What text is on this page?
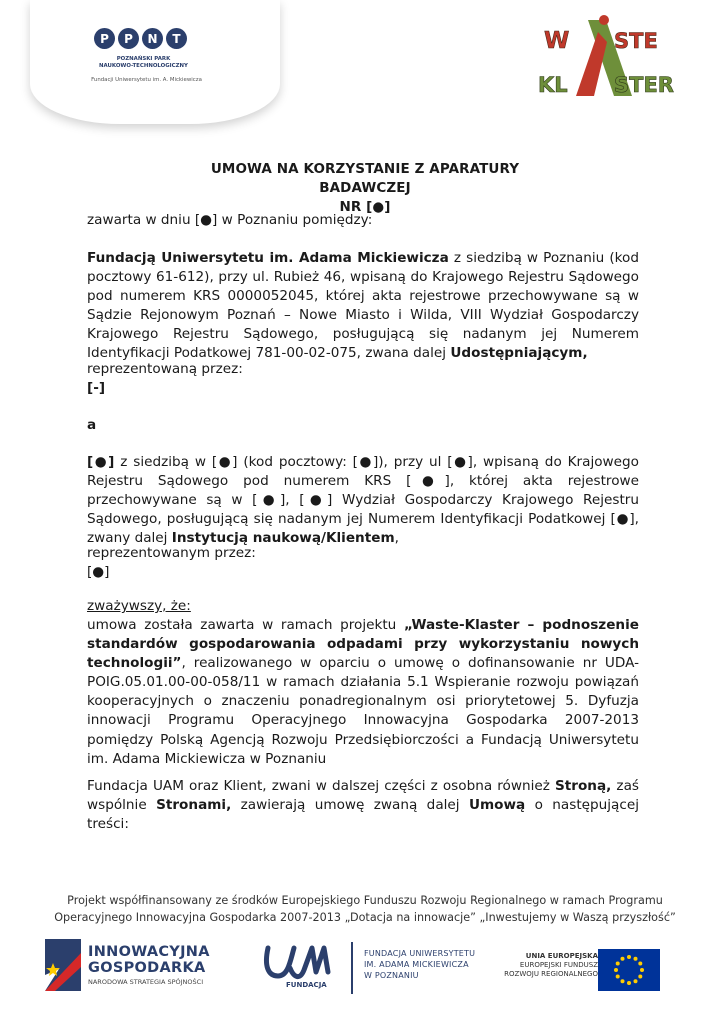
P	P	N	T
POZNAŃSKI PARK
NAUKOWO-TECHNOLOGICZNY
Fundacji Uniwersytetu im. A. Mickiewicza
W STE
KL STER
UMOWA NA KORZYSTANIE Z APARATURY BADAWCZEJ
NR [●]
zawarta w dniu [●] w Poznaniu pomiędzy:
Fundacją Uniwersytetu im. Adama Mickiewicza z siedzibą w Poznaniu (kod pocztowy 61-612), przy ul. Rubież 46, wpisaną do Krajowego Rejestru Sądowego pod numerem KRS 0000052045, której akta rejestrowe przechowywane są w Sądzie Rejonowym Poznań – Nowe Miasto i Wilda, VIII Wydział Gospodarczy Krajowego Rejestru Sądowego, posługującą się nadanym jej Numerem Identyfikacji Podatkowej 781-00-02-075, zwana dalej Udostępniającym,
reprezentowaną przez:
[-]
a
[●] z siedzibą w [●] (kod pocztowy: [●]), przy ul [●], wpisaną do Krajowego Rejestru Sądowego pod numerem KRS [●], której akta rejestrowe przechowywane są w [●], [●] Wydział Gospodarczy Krajowego Rejestru Sądowego, posługującą się nadanym jej Numerem Identyfikacji Podatkowej [●], zwany dalej Instytucją naukową/Klientem,
reprezentowanym przez:
[●]
zważywszy, że:
umowa została zawarta w ramach projektu „Waste-Klaster – podnoszenie standardów gospodarowania odpadami przy wykorzystaniu nowych technologii”, realizowanego w oparciu o umowę o dofinansowanie nr UDA-POIG.05.01.00-00-058/11 w ramach działania 5.1 Wspieranie rozwoju powiązań kooperacyjnych o znaczeniu ponadregionalnym osi priorytetowej 5. Dyfuzja innowacji Programu Operacyjnego Innowacyjna Gospodarka 2007-2013 pomiędzy Polską Agencją Rozwoju Przedsiębiorczości a Fundacją Uniwersytetu im. Adama Mickiewicza w Poznaniu
Fundacja UAM oraz Klient, zwani w dalszej części z osobna również Stroną, zaś wspólnie Stronami, zawierają umowę zwaną dalej Umową o następującej treści:
Projekt współfinansowany ze środków Europejskiego Funduszu Rozwoju Regionalnego w ramach Programu
Operacyjnego Innowacyjna Gospodarka 2007-2013 „Dotacja na innowacje” „Inwestujemy w Waszą przyszłość”
INNOWACYJNA
GOSPODARKA
NARODOWA STRATEGIA SPÓJNOŚCI	FUNDACJA
FUNDACJA UNIWERSYTETU
IM. ADAMA MICKIEWICZA
W POZNANIU
UNIA EUROPEJSKA
EUROPEJSKI FUNDUSZ
ROZWOJU REGIONALNEGO
